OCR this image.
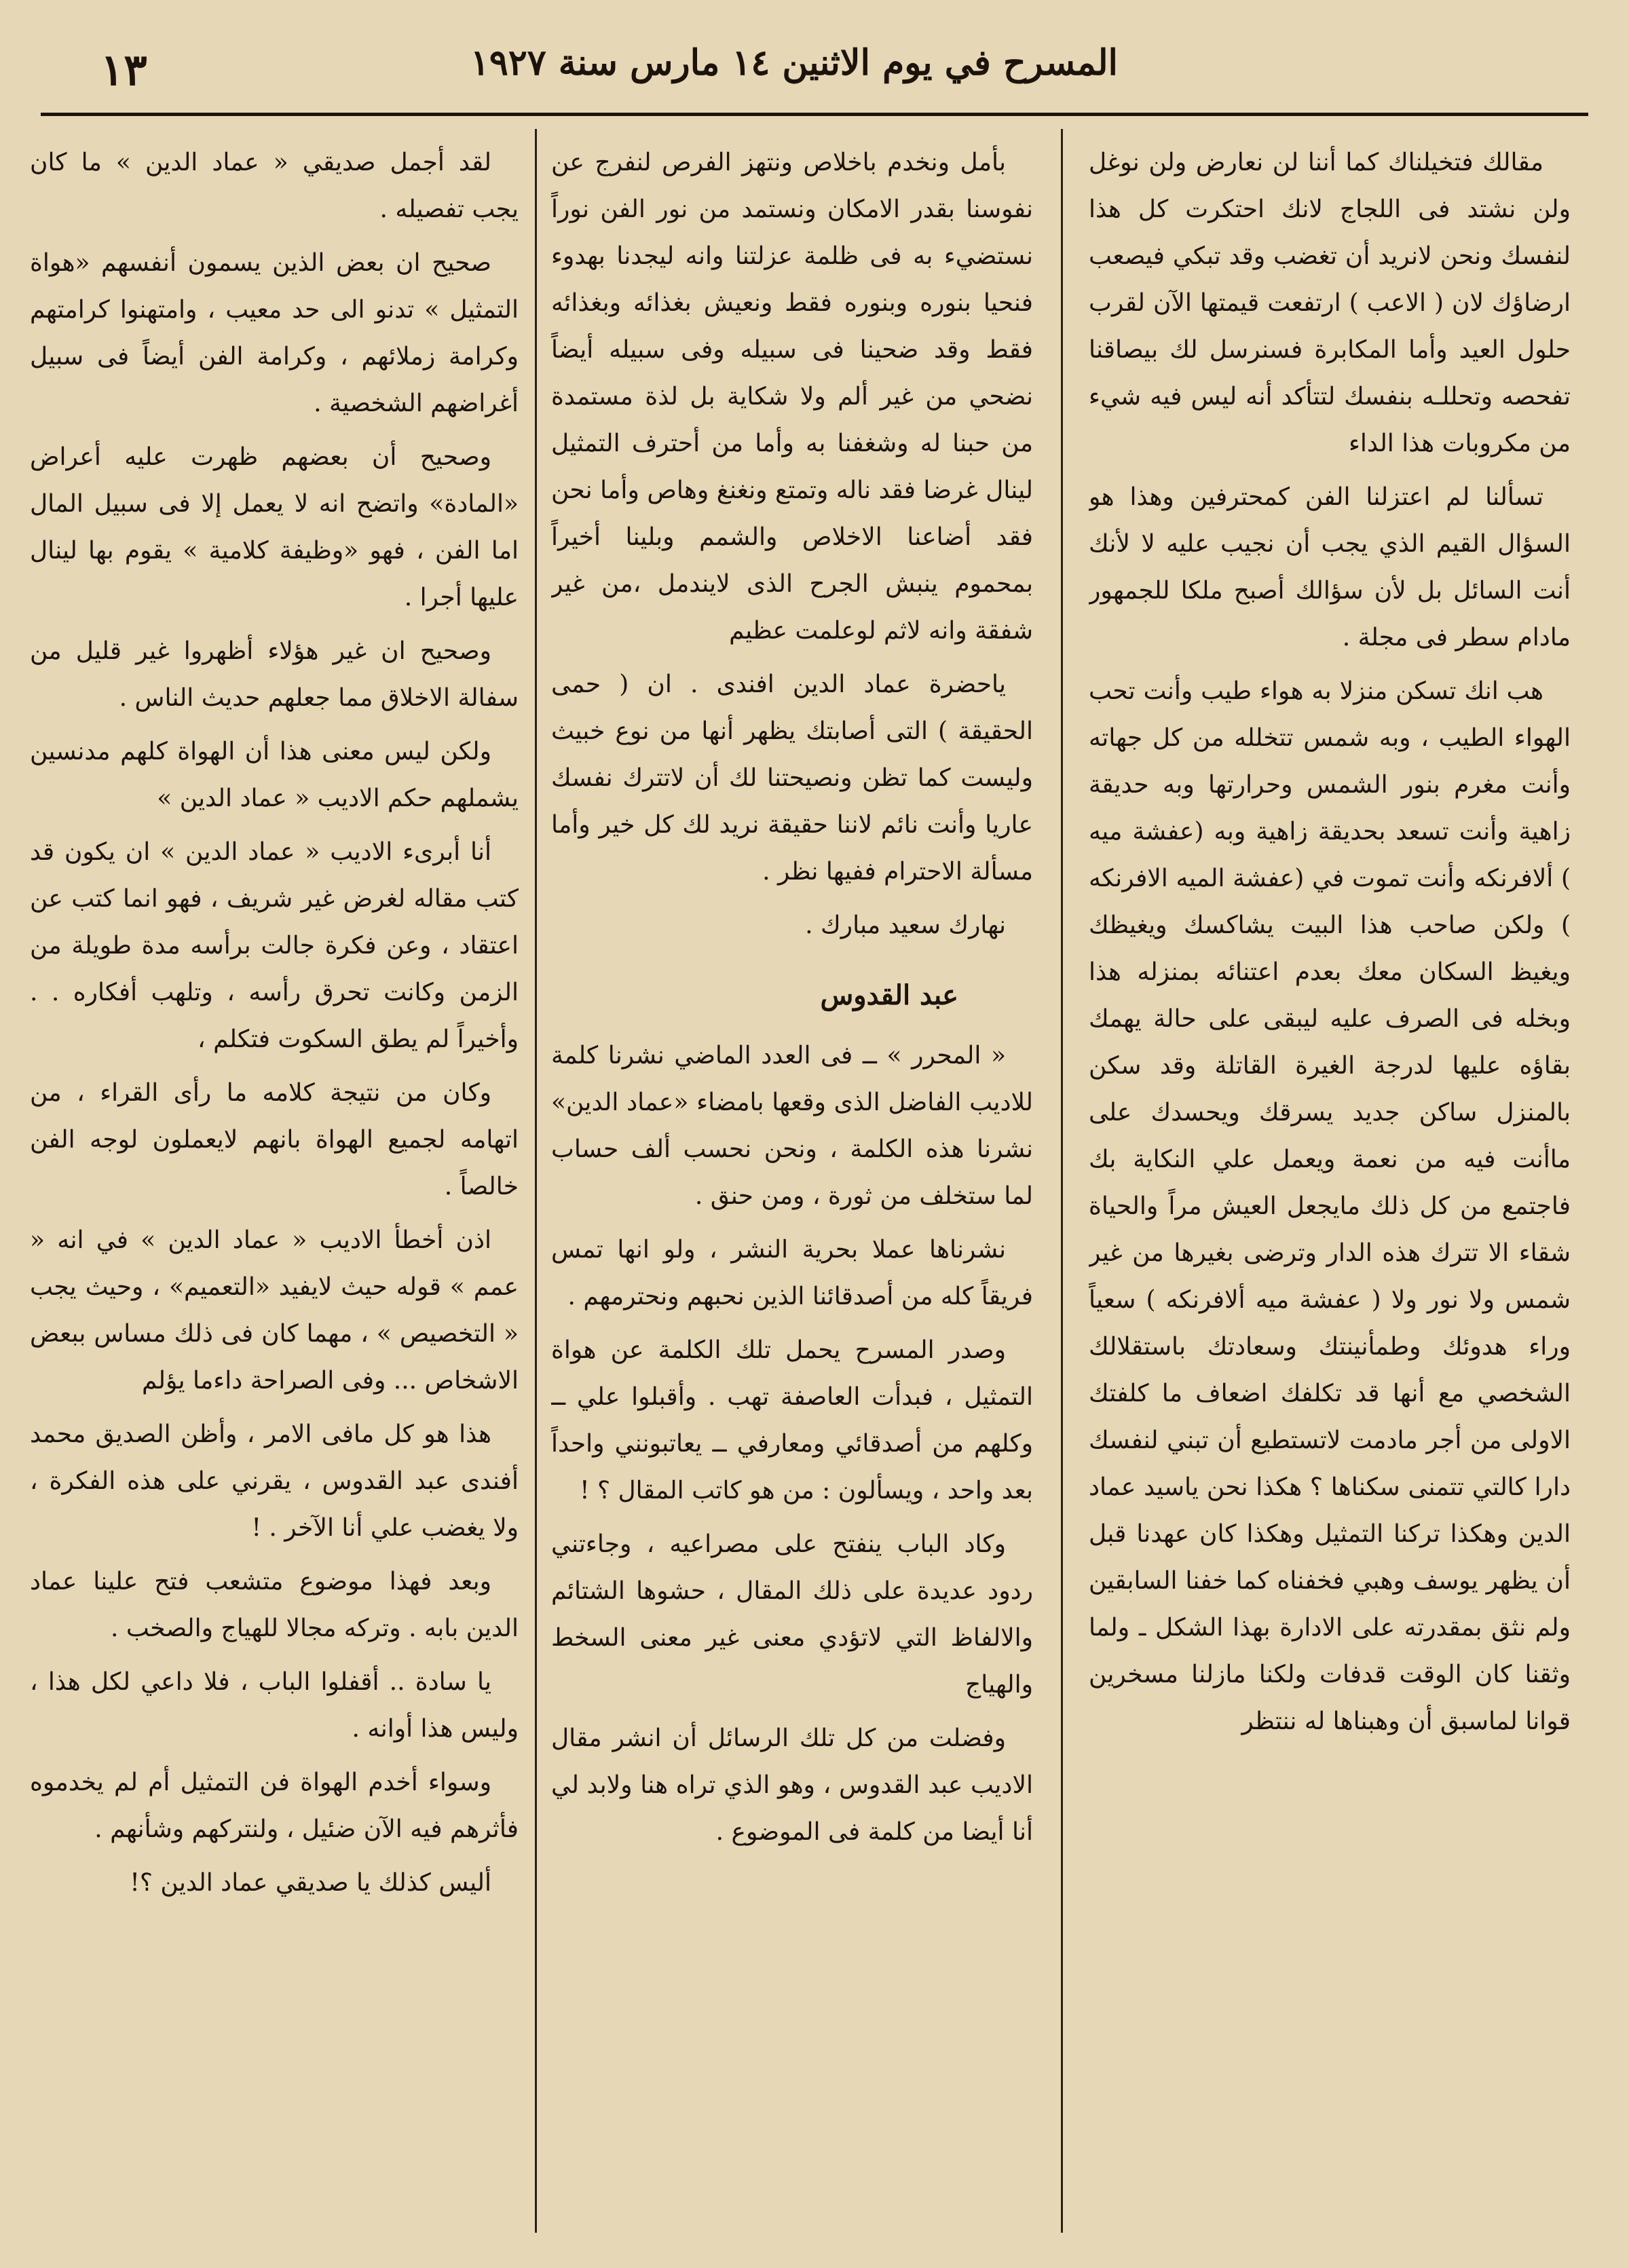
المسرح في يوم الاثنين ١٤ مارس سنة ١٩٢٧
١٣

مقالك فتخيلناك كما أننا لن نعارض ولن نوغل ولن نشتد فى اللجاج لانك احتكرت كل هذا لنفسك ونحن لانريد أن تغضب وقد تبكي فيصعب ارضاؤك لان ( الاعب ) ارتفعت قيمتها الآن لقرب حلول العيد وأما المكابرة فسنرسل لك بيصاقنا تفحصه وتحللـه بنفسك لتتأكد أنه ليس فيه شيء من مكروبات هذا الداء

تسألنا لم اعتزلنا الفن كمحترفين وهذا هو السؤال القيم الذي يجب أن نجيب عليه لا لأنك أنت السائل بل لأن سؤالك أصبح ملكا للجمهور مادام سطر فى مجلة .

هب انك تسكن منزلا به هواء طيب وأنت تحب الهواء الطيب ، وبه شمس تتخلله من كل جهاته وأنت مغرم بنور الشمس وحرارتها وبه حديقة زاهية وأنت تسعد بحديقة زاهية وبه (عفشة ميه ) ألافرنكه وأنت تموت في (عفشة الميه الافرنكه ) ولكن صاحب هذا البيت يشاكسك ويغيظك ويغيظ السكان معك بعدم اعتنائه بمنزله هذا وبخله فى الصرف عليه ليبقى على حالة يهمك بقاؤه عليها لدرجة الغيرة القاتلة وقد سكن بالمنزل ساكن جديد يسرقك ويحسدك على ماأنت فيه من نعمة ويعمل علي النكاية بك فاجتمع من كل ذلك مايجعل العيش مراً والحياة شقاء الا تترك هذه الدار وترضى بغيرها من غير شمس ولا نور ولا ( عفشة ميه ألافرنكه ) سعياً وراء هدوئك وطمأنينتك وسعادتك باستقلالك الشخصي مع أنها قد تكلفك اضعاف ما كلفتك الاولى من أجر مادمت لاتستطيع أن تبني لنفسك دارا كالتي تتمنى سكناها ؟ هكذا نحن ياسيد عماد الدين وهكذا تركنا التمثيل وهكذا كان عهدنا قبل أن يظهر يوسف وهبي فخفناه كما خفنا السابقين ولم نثق بمقدرته على الادارة بهذا الشكل ـ ولما وثقنا كان الوقت قدفات ولكنا مازلنا مسخرين قوانا لماسبق أن وهبناها له ننتظر

بأمل ونخدم باخلاص ونتهز الفرص لنفرج عن نفوسنا بقدر الامكان ونستمد من نور الفن نوراً نستضيء به فى ظلمة عزلتنا وانه ليجدنا بهدوء فنحيا بنوره وبنوره فقط ونعيش بغذائه وبغذائه فقط وقد ضحينا فى سبيله وفى سبيله أيضاً نضحي من غير ألم ولا شكاية بل لذة مستمدة من حبنا له وشغفنا به وأما من أحترف التمثيل لينال غرضا فقد ناله وتمتع ونغنغ وهاص وأما نحن فقد أضاعنا الاخلاص والشمم وبلينا أخيراً بمحموم ينبش الجرح الذى لايندمل ،من غير شفقة وانه لاثم لوعلمت عظيم

ياحضرة عماد الدين افندى . ان ( حمى الحقيقة ) التى أصابتك يظهر أنها من نوع خبيث وليست كما تظن ونصيحتنا لك أن لاتترك نفسك عاريا وأنت نائم لاننا حقيقة نريد لك كل خير وأما مسألة الاحترام ففيها نظر .

نهارك سعيد مبارك .

عبد القدوس

« المحرر » ــ فى العدد الماضي نشرنا كلمة للاديب الفاضل الذى وقعها بامضاء «عماد الدين» نشرنا هذه الكلمة ، ونحن نحسب ألف حساب لما ستخلف من ثورة ، ومن حنق .

نشرناها عملا بحرية النشر ، ولو انها تمس فريقاً كله من أصدقائنا الذين نحبهم ونحترمهم .

وصدر المسرح يحمل تلك الكلمة عن هواة التمثيل ، فبدأت العاصفة تهب . وأقبلوا علي ــ وكلهم من أصدقائي ومعارفي ــ يعاتبونني واحداً بعد واحد ، ويسألون : من هو كاتب المقال ؟ !

وكاد الباب ينفتح على مصراعيه ، وجاءتني ردود عديدة على ذلك المقال ، حشوها الشتائم والالفاظ التي لاتؤدي معنى غير معنى السخط والهياج

وفضلت من كل تلك الرسائل أن انشر مقال الاديب عبد القدوس ، وهو الذي تراه هنا ولابد لي أنا أيضا من كلمة فى الموضوع .

لقد أجمل صديقي « عماد الدين » ما كان يجب تفصيله .

صحيح ان بعض الذين يسمون أنفسهم «هواة التمثيل » تدنو الى حد معيب ، وامتهنوا كرامتهم وكرامة زملائهم ، وكرامة الفن أيضاً فى سبيل أغراضهم الشخصية .

وصحيح أن بعضهم ظهرت عليه أعراض «المادة» واتضح انه لا يعمل إلا فى سبيل المال اما الفن ، فهو «وظيفة كلامية » يقوم بها لينال عليها أجرا .

وصحيح ان غير هؤلاء أظهروا غير قليل من سفالة الاخلاق مما جعلهم حديث الناس .

ولكن ليس معنى هذا أن الهواة كلهم مدنسين يشملهم حكم الاديب « عماد الدين »

أنا أبرىء الاديب « عماد الدين » ان يكون قد كتب مقاله لغرض غير شريف ، فهو انما كتب عن اعتقاد ، وعن فكرة جالت برأسه مدة طويلة من الزمن وكانت تحرق رأسه ، وتلهب أفكاره . . وأخيراً لم يطق السكوت فتكلم ،

وكان من نتيجة كلامه ما رأى القراء ، من اتهامه لجميع الهواة بانهم لايعملون لوجه الفن خالصاً .

اذن أخطأ الاديب « عماد الدين » في انه « عمم » قوله حيث لايفيد «التعميم» ، وحيث يجب « التخصيص » ، مهما كان فى ذلك مساس ببعض الاشخاص ... وفى الصراحة داءما يؤلم

هذا هو كل مافى الامر ، وأظن الصديق محمد أفندى عبد القدوس ، يقرني على هذه الفكرة ، ولا يغضب علي أنا الآخر . !

وبعد فهذا موضوع متشعب فتح علينا عماد الدين بابه . وتركه مجالا للهياج والصخب .

يا سادة .. أقفلوا الباب ، فلا داعي لكل هذا ، وليس هذا أوانه .

وسواء أخدم الهواة فن التمثيل أم لم يخدموه فأثرهم فيه الآن ضئيل ، ولنتركهم وشأنهم .

أليس كذلك يا صديقي عماد الدين ؟!
